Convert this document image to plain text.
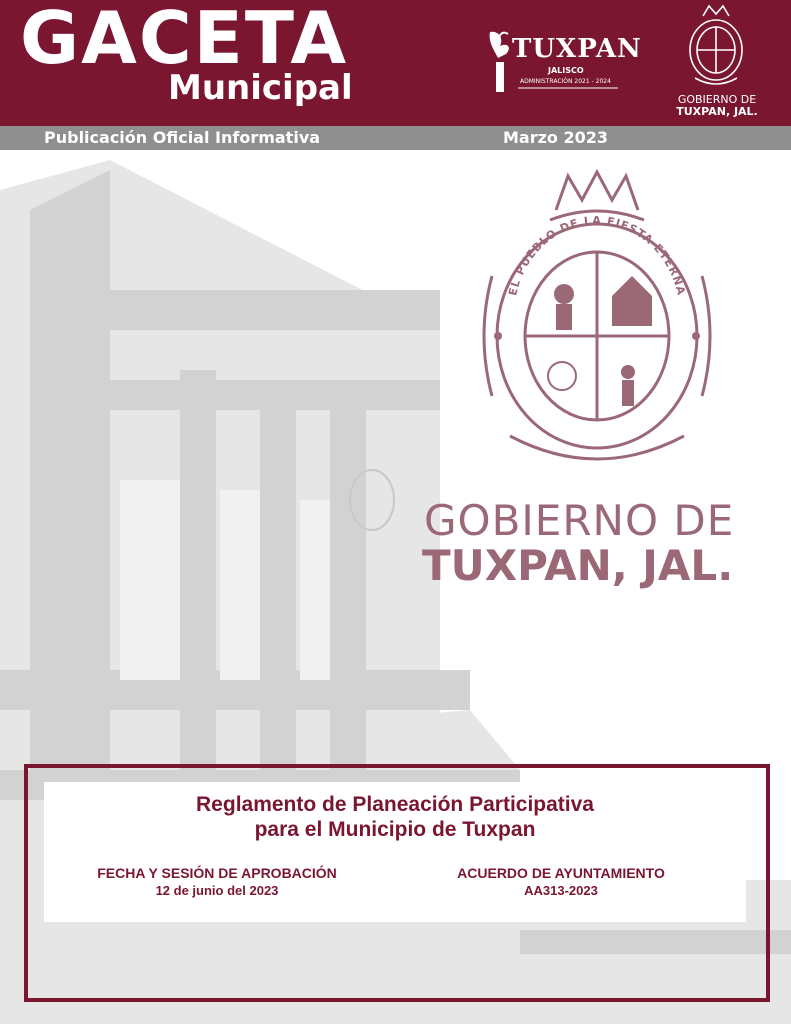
GACETA
Municipal
TUXPAN
JALISCO
ADMINISTRACIÓN 2021 - 2024
GOBIERNO DE
TUXPAN, JAL.
Publicación Oficial Informativa	Marzo 2023
EL PUEBLO DE LA FIESTA ETERNA
GOBIERNO DE
TUXPAN, JAL.
Reglamento de Planeación Participativa
para el Municipio de Tuxpan
FECHA Y SESIÓN DE APROBACIÓN
12 de junio del 2023
ACUERDO DE AYUNTAMIENTO
AA313-2023
